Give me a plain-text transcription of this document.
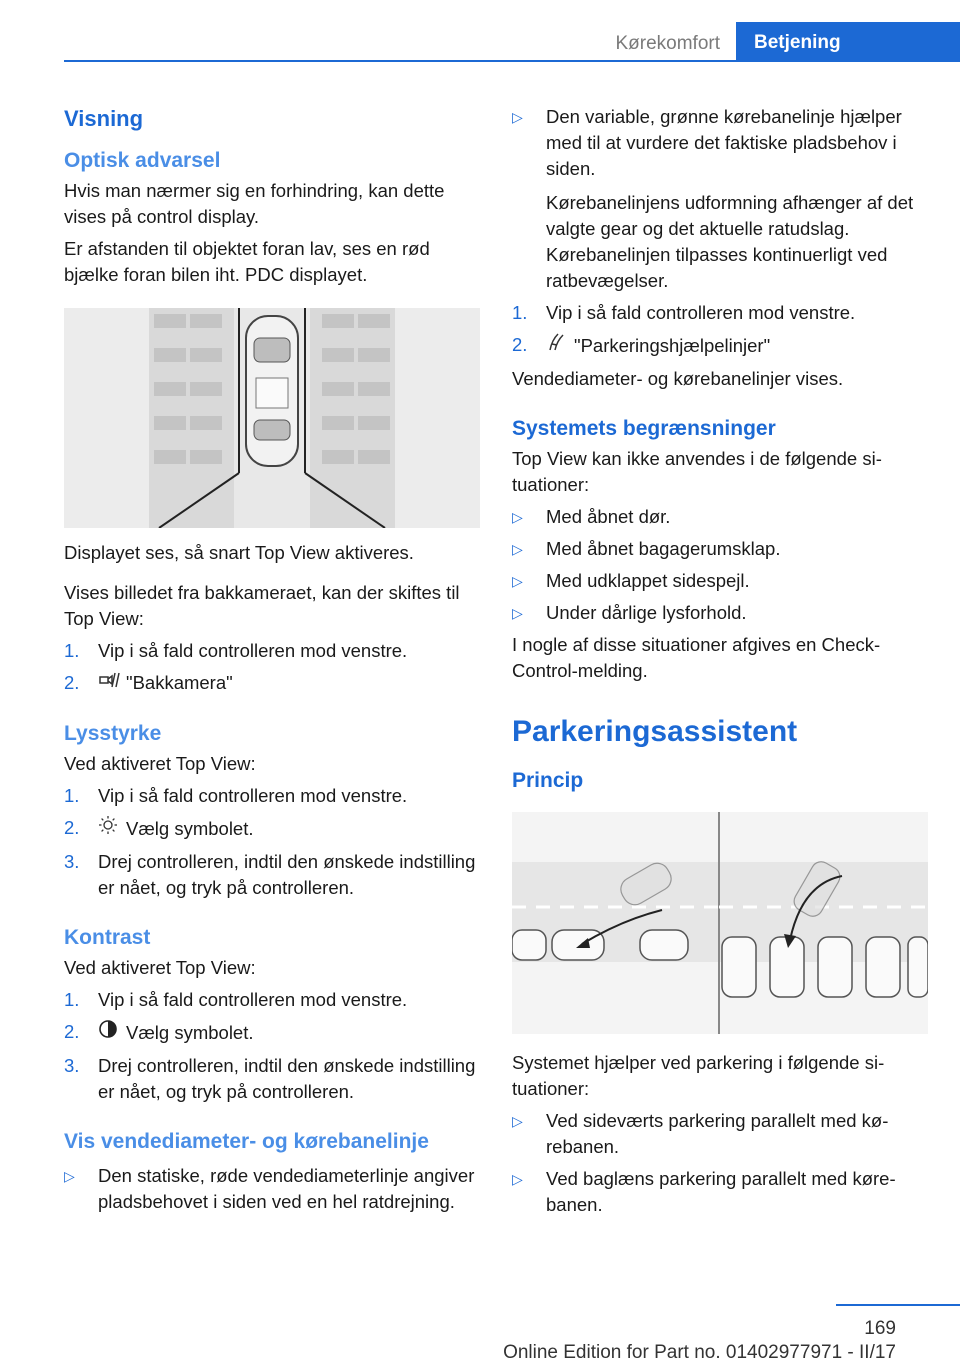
Kørekomfort	Betjening
Visning
Optisk advarsel

Hvis man nærmer sig en forhindring, kan dette vises på control display.

Er afstanden til objektet foran lav, ses en rød bjælke foran bilen iht. PDC displayet.

Displayet ses, så snart Top View aktiveres.

Vises billedet fra bakkameraet, kan der skiftes til Top View:

1.	Vip i så fald controlleren mod venstre.
2.	"Bakkamera"
Lysstyrke

Ved aktiveret Top View:

1.	Vip i så fald controlleren mod venstre.
2.	Vælg symbolet.
3.	Drej controlleren, indtil den ønskede indstilling er nået, og tryk på controlleren.
Kontrast

Ved aktiveret Top View:

1.	Vip i så fald controlleren mod venstre.
2.	Vælg symbolet.
3.	Drej controlleren, indtil den ønskede indstilling er nået, og tryk på controlleren.
Vis vendediameter- og kørebanelinje
▷	Den statiske, røde vendediameterlinje angiver pladsbehovet i siden ved en hel ratdrejning.
▷	Den variable, grønne kørebanelinje hjælper med til at vurdere det faktiske pladsbehov i siden.

Kørebanelinjens udformning afhænger af det valgte gear og det aktuelle ratudslag. Kørebanelinjen tilpasses kontinuerligt ved ratbevægelser.

1.	Vip i så fald controlleren mod venstre.
2.	"Parkeringshjælpelinjer"

Vendediameter- og kørebanelinjer vises.

Systemets begrænsninger

Top View kan ikke anvendes i de følgende situationer:

▷	Med åbnet dør.
▷	Med åbnet bagagerumsklap.
▷	Med udklappet sidespejl.
▷	Under dårlige lysforhold.

I nogle af disse situationer afgives en Check-Control-melding.

Parkeringsassistent
Princip

Systemet hjælper ved parkering i følgende situationer:

▷	Ved sideværts parkering parallelt med kørebanen.
▷	Ved baglæns parkering parallelt med kørebanen.
169
Online Edition for Part no. 01402977971 - II/17
